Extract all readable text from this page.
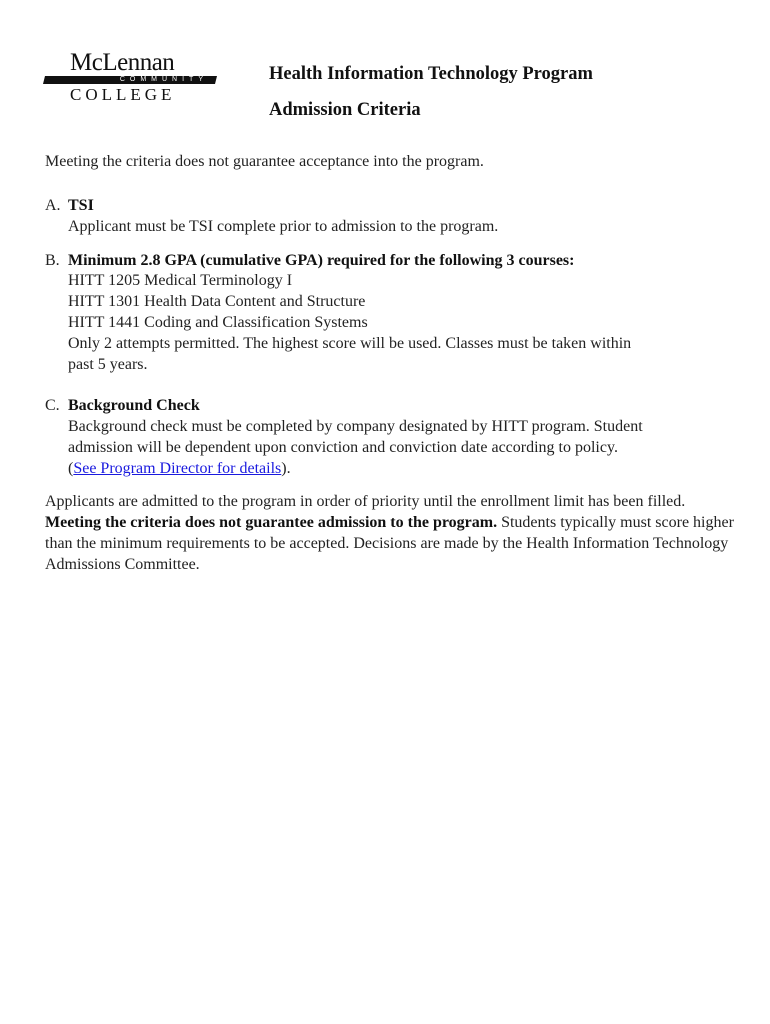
McLennan
COMMUNITY
COLLEGE
Health Information Technology Program
Admission Criteria
Meeting the criteria does not guarantee acceptance into the program.
A. TSI
Applicant must be TSI complete prior to admission to the program.
B. Minimum 2.8 GPA (cumulative GPA) required for the following 3 courses:
HITT 1205 Medical Terminology I
HITT 1301 Health Data Content and Structure
HITT 1441 Coding and Classification Systems
Only 2 attempts permitted. The highest score will be used. Classes must be taken within
past 5 years.
C. Background Check
Background check must be completed by company designated by HITT program. Student
admission will be dependent upon conviction and conviction date according to policy.
(See Program Director for details).
Applicants are admitted to the program in order of priority until the enrollment limit has been filled. Meeting the criteria does not guarantee admission to the program. Students typically must score higher than the minimum requirements to be accepted. Decisions are made by the Health Information Technology Admissions Committee.
